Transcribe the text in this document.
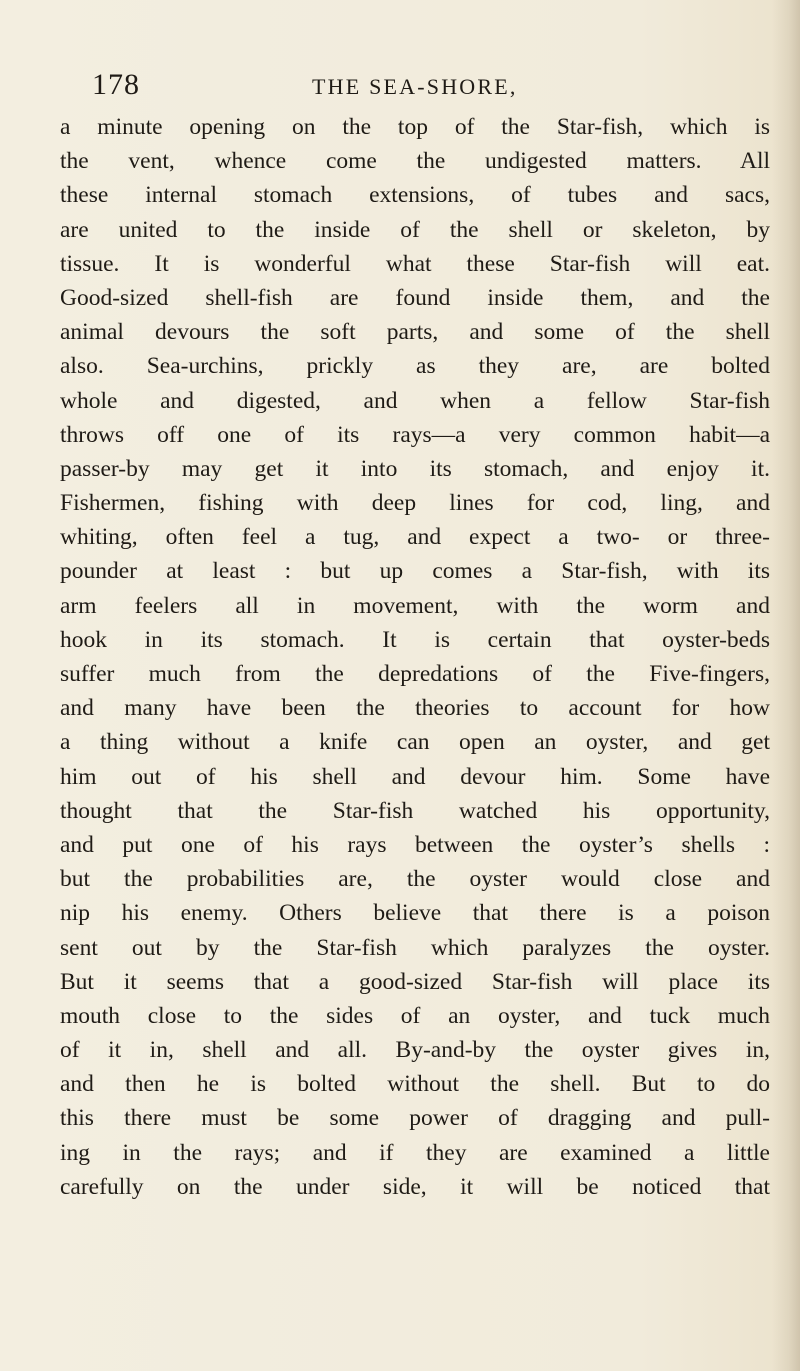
178	THE SEA-SHORE,
a minute opening on the top of the Star-fish, which is
the vent, whence come the undigested matters. All
these internal stomach extensions, of tubes and sacs,
are united to the inside of the shell or skeleton, by
tissue. It is wonderful what these Star-fish will eat.
Good-sized shell-fish are found inside them, and the
animal devours the soft parts, and some of the shell
also. Sea-urchins, prickly as they are, are bolted
whole and digested, and when a fellow Star-fish
throws off one of its rays—a very common habit—a
passer-by may get it into its stomach, and enjoy it.
Fishermen, fishing with deep lines for cod, ling, and
whiting, often feel a tug, and expect a two- or three-
pounder at least : but up comes a Star-fish, with its
arm feelers all in movement, with the worm and
hook in its stomach. It is certain that oyster-beds
suffer much from the depredations of the Five-fingers,
and many have been the theories to account for how
a thing without a knife can open an oyster, and get
him out of his shell and devour him. Some have
thought that the Star-fish watched his opportunity,
and put one of his rays between the oyster’s shells :
but the probabilities are, the oyster would close and
nip his enemy. Others believe that there is a poison
sent out by the Star-fish which paralyzes the oyster.
But it seems that a good-sized Star-fish will place its
mouth close to the sides of an oyster, and tuck much
of it in, shell and all. By-and-by the oyster gives in,
and then he is bolted without the shell. But to do
this there must be some power of dragging and pull-
ing in the rays; and if they are examined a little
carefully on the under side, it will be noticed that
